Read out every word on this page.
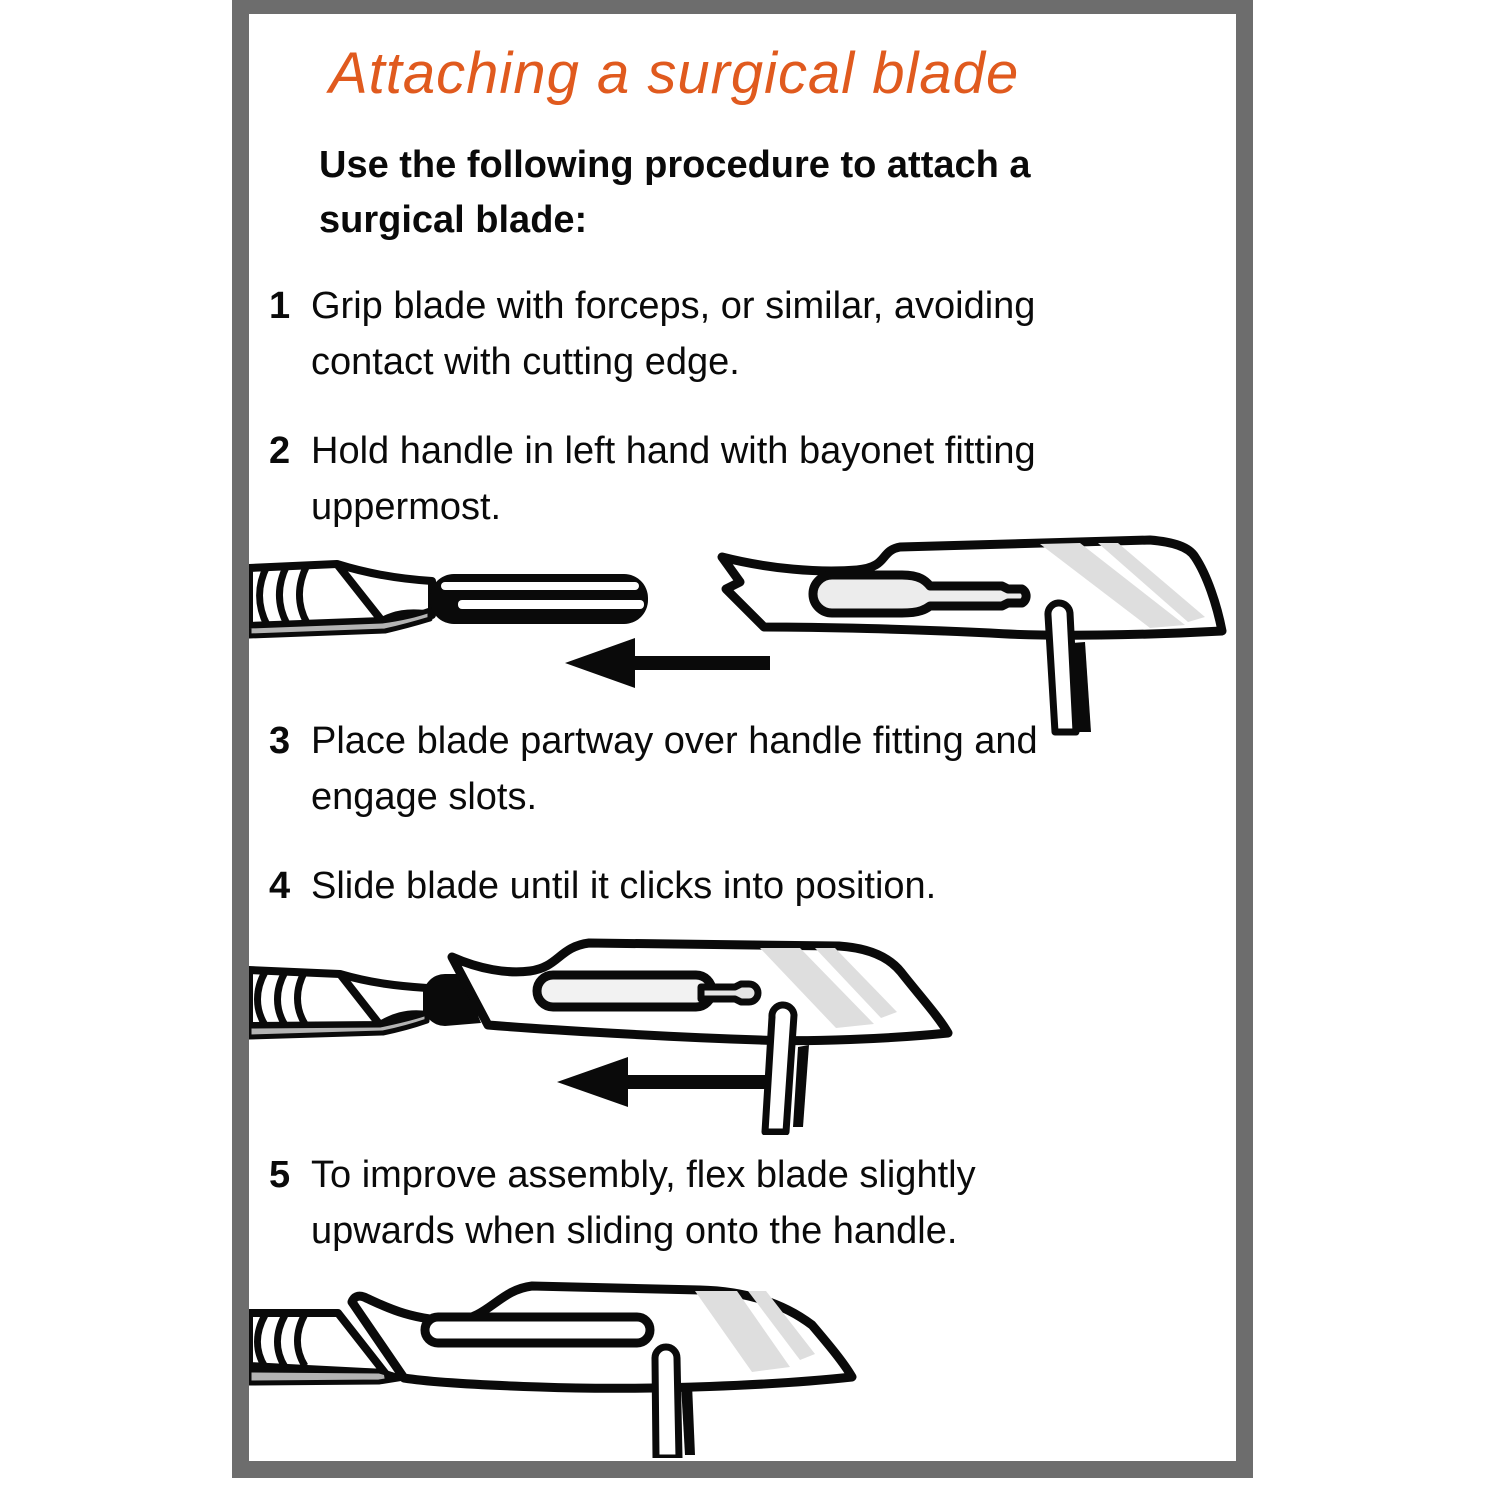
Attaching a surgical blade
Use the following procedure to attach a
surgical blade:
1 Grip blade with forceps, or similar, avoiding
contact with cutting edge.
2 Hold handle in left hand with bayonet fitting
uppermost.
3 Place blade partway over handle fitting and
engage slots.
4 Slide blade until it clicks into position.
5 To improve assembly, flex blade slightly
upwards when sliding onto the handle.
